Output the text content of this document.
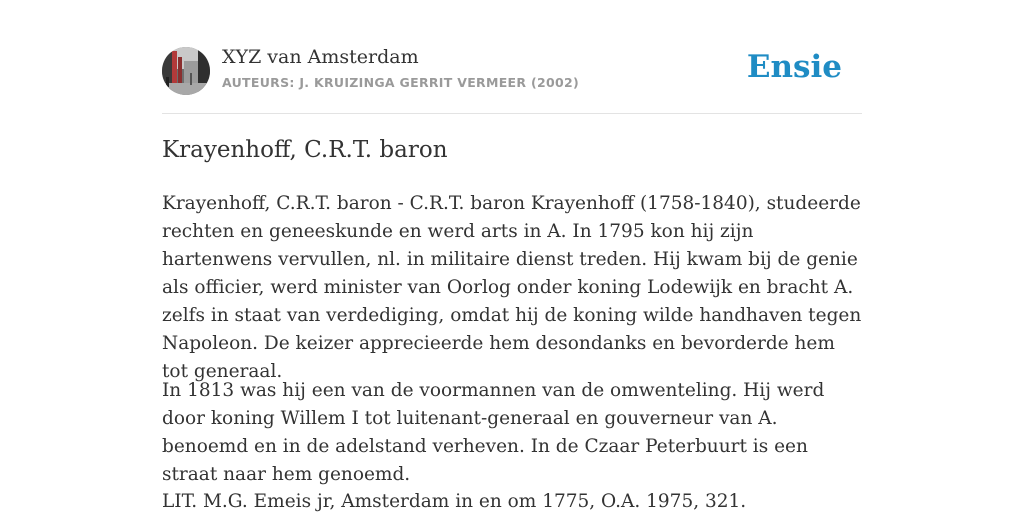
XYZ van Amsterdam
AUTEURS: J. KRUIZINGA GERRIT VERMEER (2002)	Ensie
Krayenhoff, C.R.T. baron

Krayenhoff, C.R.T. baron - C.R.T. baron Krayenhoff (1758-1840), studeerde rechten en geneeskunde en werd arts in A. In 1795 kon hij zijn hartenwens vervullen, nl. in militaire dienst treden. Hij kwam bij de genie als officier, werd minister van Oorlog onder koning Lodewijk en bracht A. zelfs in staat van verdediging, omdat hij de koning wilde handhaven tegen Napoleon. De keizer apprecieerde hem desondanks en bevorderde hem tot generaal.

In 1813 was hij een van de voormannen van de omwenteling. Hij werd door koning Willem I tot luitenant-generaal en gouverneur van A. benoemd en in de adelstand verheven. In de Czaar Peterbuurt is een straat naar hem genoemd.

LIT. M.G. Emeis jr, Amsterdam in en om 1775, O.A. 1975, 321.
